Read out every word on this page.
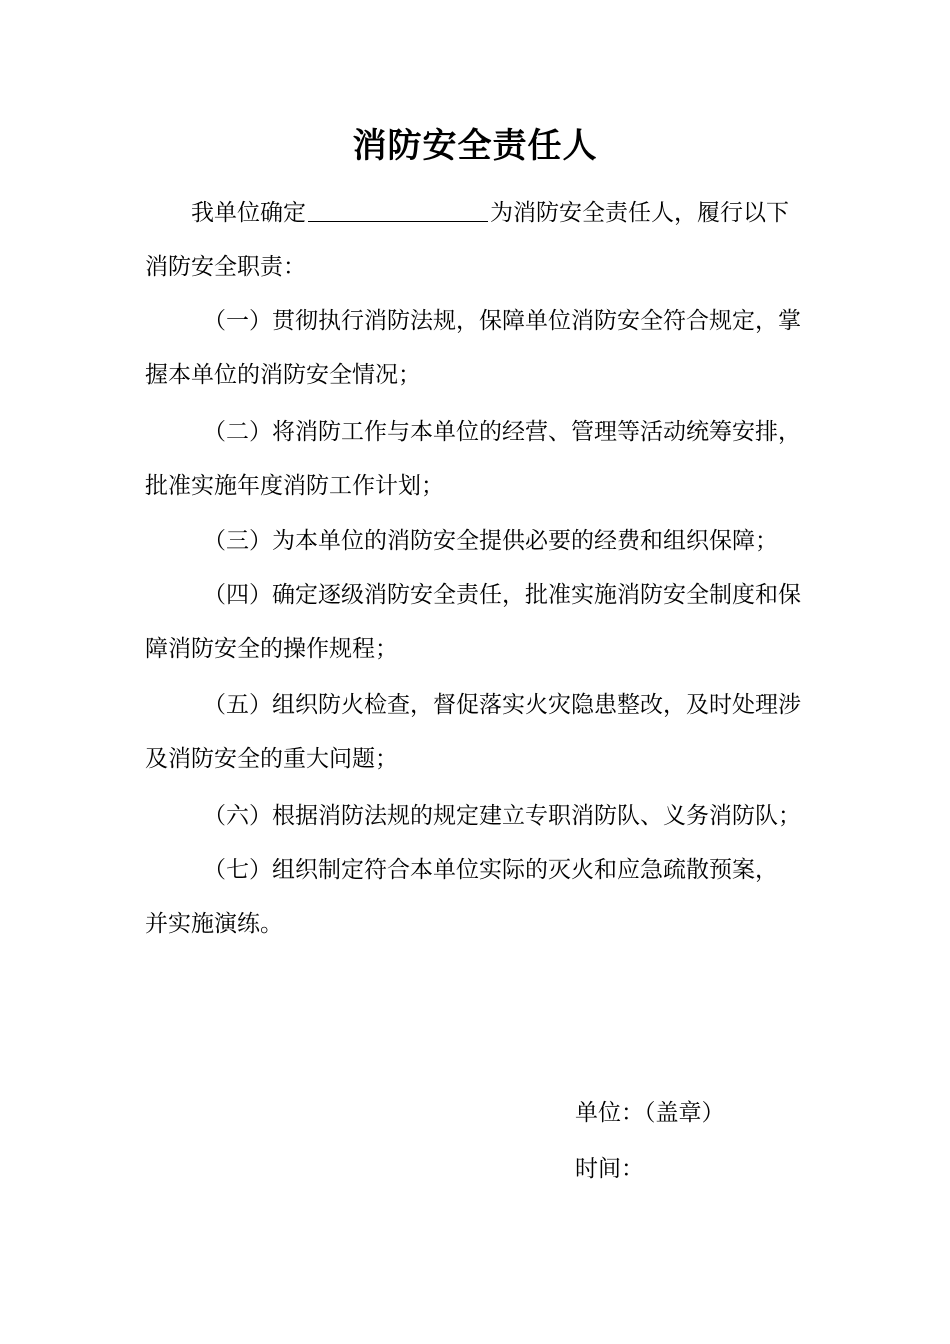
消防安全责任人
我单位确定	为消防安全责任人，履行以下
消防安全职责：
（一）贯彻执行消防法规，保障单位消防安全符合规定，掌
握本单位的消防安全情况；
（二）将消防工作与本单位的经营、管理等活动统筹安排，
批准实施年度消防工作计划；
（三）为本单位的消防安全提供必要的经费和组织保障；
（四）确定逐级消防安全责任，批准实施消防安全制度和保
障消防安全的操作规程；
（五）组织防火检查，督促落实火灾隐患整改，及时处理涉
及消防安全的重大问题；
（六）根据消防法规的规定建立专职消防队、义务消防队；
（七）组织制定符合本单位实际的灭火和应急疏散预案，
并实施演练。
单位：（盖章）
时间：
